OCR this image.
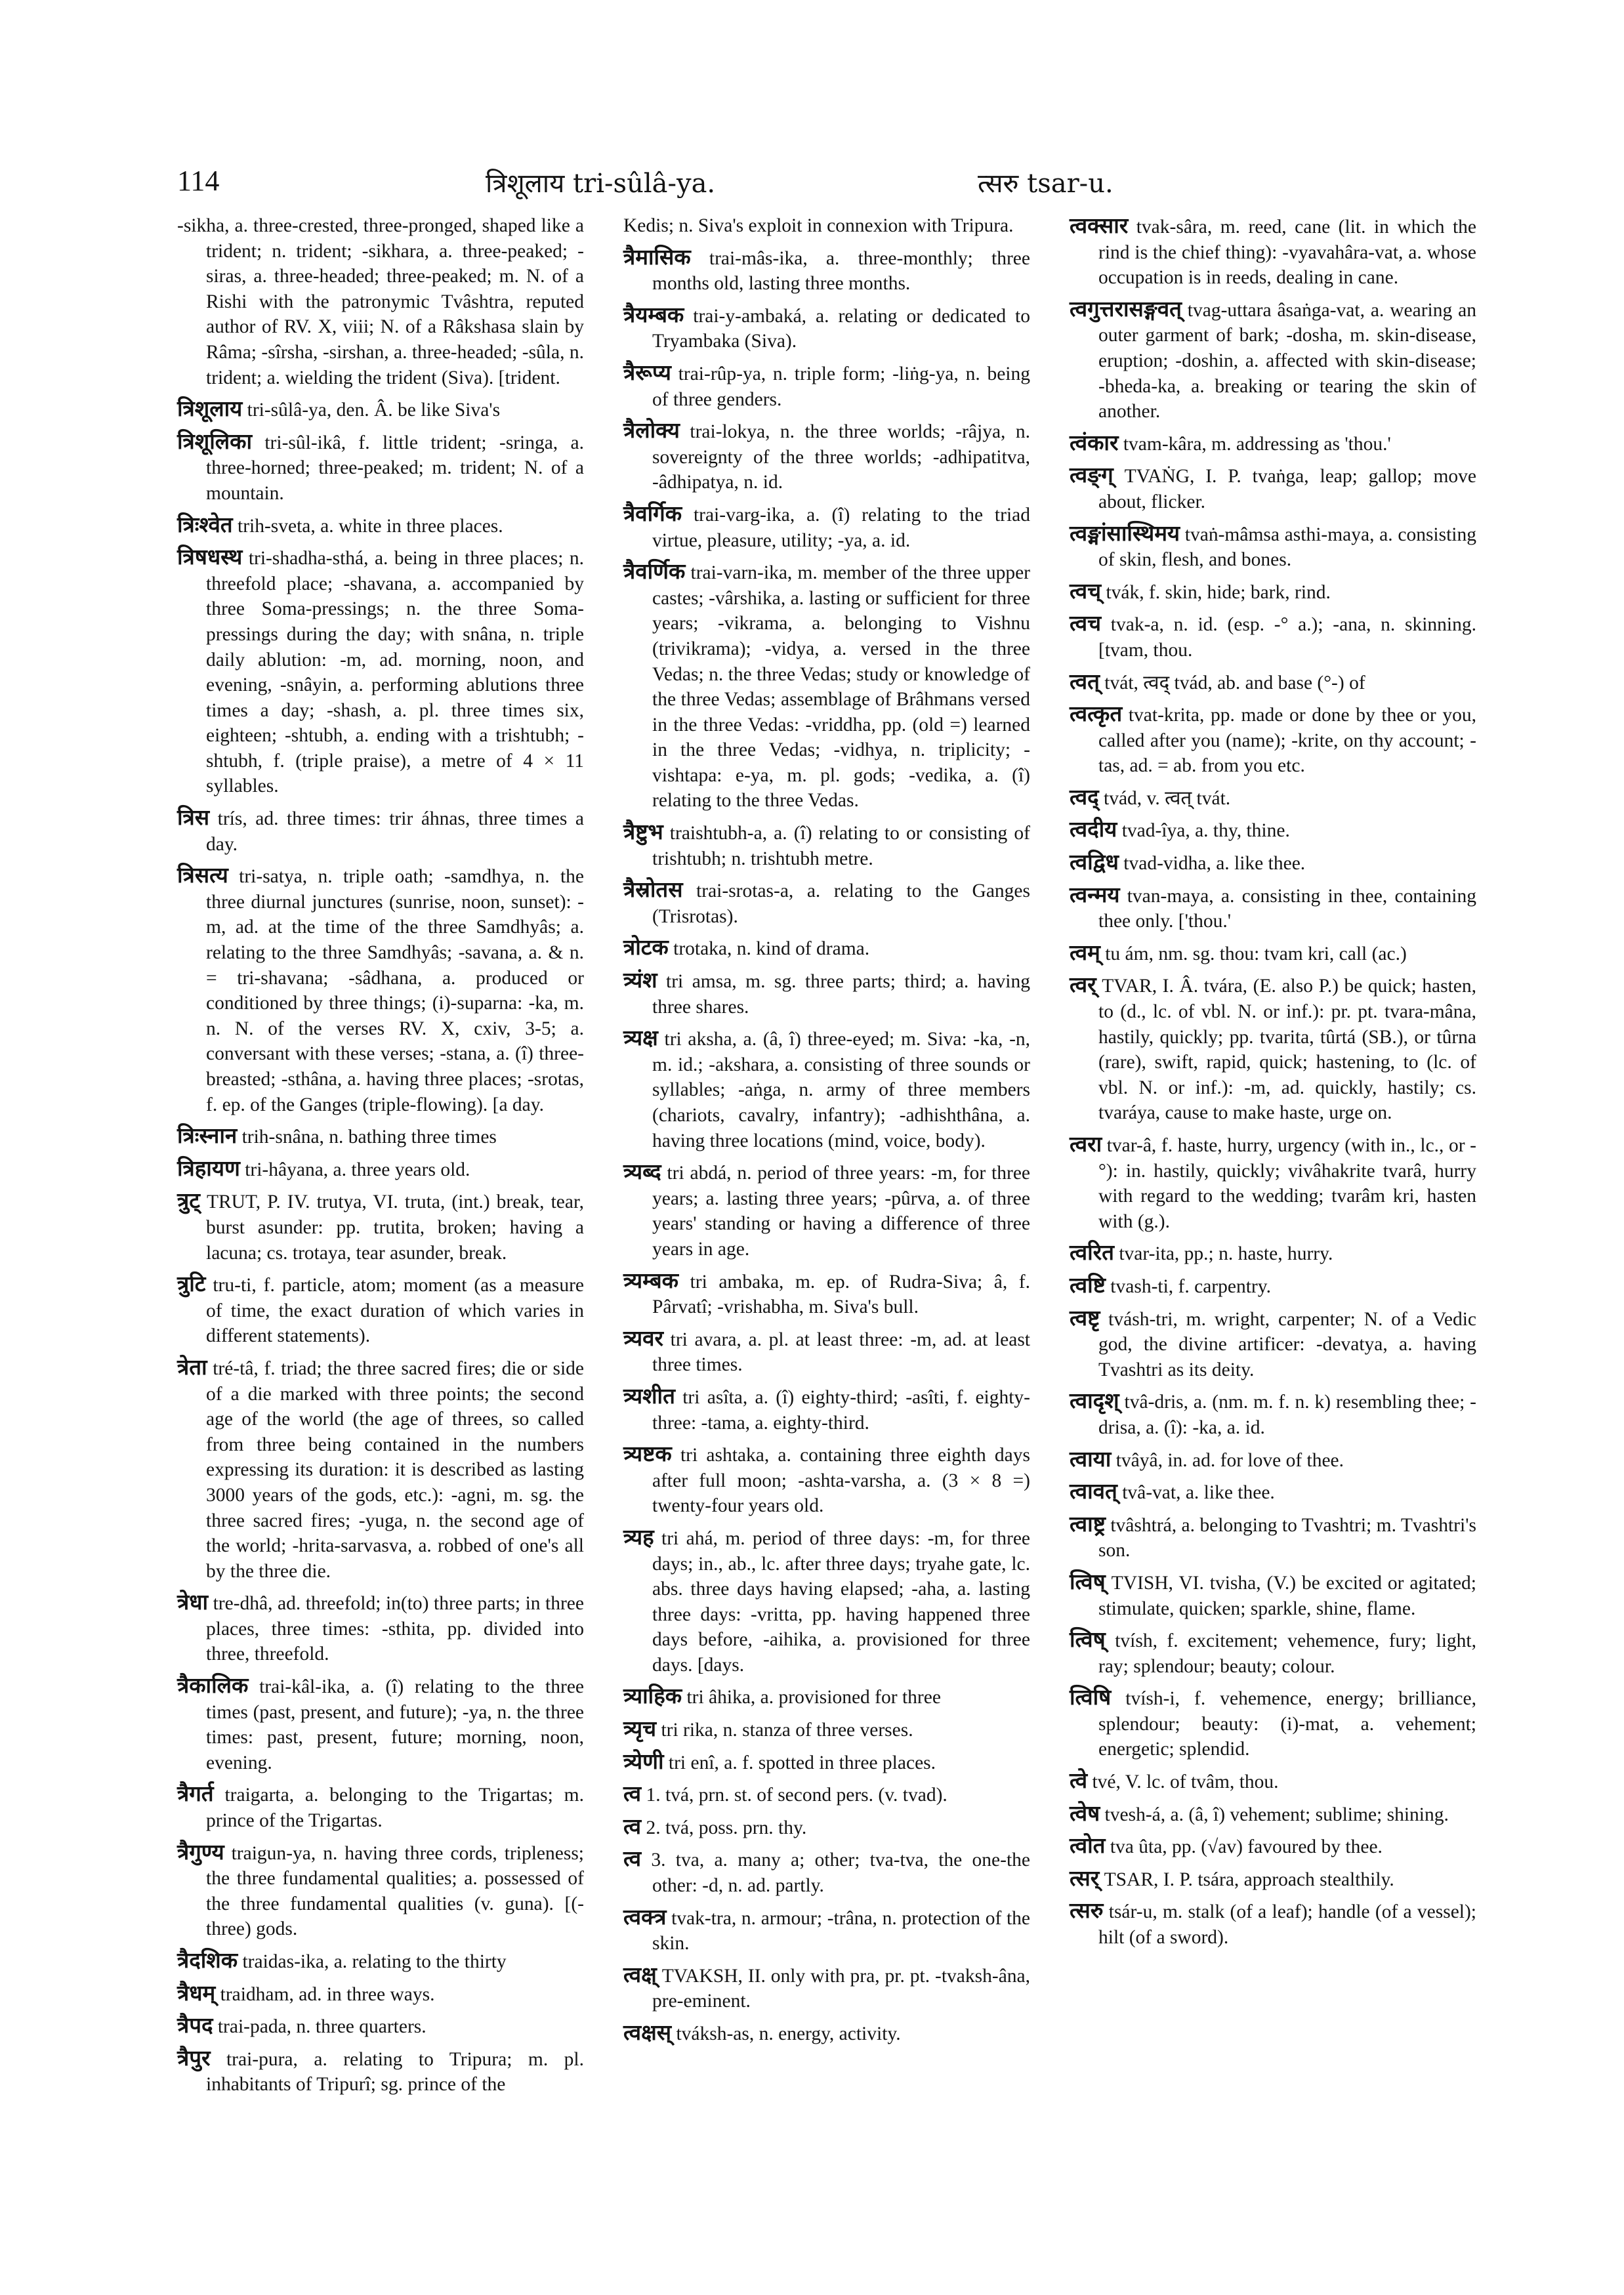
114	त्रिशूलाय tri-sûlâ-ya.	त्सरु tsar-u.

-sikha, a. three-crested, three-pronged, shaped like a trident; n. trident; -sikhara, a. three-peaked; -siras, a. three-headed; three-peaked; m. N. of a Rishi with the patronymic Tvâshtra, reputed author of RV. X, viii; N. of a Râkshasa slain by Râma; -sîrsha, -sirshan, a. three-headed; -sûla, n. trident; a. wielding the trident (Siva). [trident.

त्रिशूलाय tri-sûlâ-ya, den. Â. be like Siva's

त्रिशूलिका tri-sûl-ikâ, f. little trident; -sringa, a. three-horned; three-peaked; m. trident; N. of a mountain.

त्रिःश्वेत trih-sveta, a. white in three places.

त्रिषधस्थ tri-shadha-sthá, a. being in three places; n. threefold place; -shavana, a. accompanied by three Soma-pressings; n. the three Soma-pressings during the day; with snâna, n. triple daily ablution: -m, ad. morning, noon, and evening, -snâyin, a. performing ablutions three times a day; -shash, a. pl. three times six, eighteen; -shtubh, a. ending with a trishtubh; -shtubh, f. (triple praise), a metre of 4 × 11 syllables.

त्रिस trís, ad. three times: trir áhnas, three times a day.

त्रिसत्य tri-satya, n. triple oath; -samdhya, n. the three diurnal junctures (sunrise, noon, sunset): -m, ad. at the time of the three Samdhyâs; a. relating to the three Samdhyâs; -savana, a. & n. = tri-shavana; -sâdhana, a. produced or conditioned by three things; (i)-suparna: -ka, m. n. N. of the verses RV. X, cxiv, 3-5; a. conversant with these verses; -stana, a. (î) three-breasted; -sthâna, a. having three places; -srotas, f. ep. of the Ganges (triple-flowing). [a day.

त्रिःस्नान trih-snâna, n. bathing three times

त्रिहायण tri-hâyana, a. three years old.

त्रुट् TRUT, P. IV. trutya, VI. truta, (int.) break, tear, burst asunder: pp. trutita, broken; having a lacuna; cs. trotaya, tear asunder, break.

त्रुटि tru-ti, f. particle, atom; moment (as a measure of time, the exact duration of which varies in different statements).

त्रेता tré-tâ, f. triad; the three sacred fires; die or side of a die marked with three points; the second age of the world (the age of threes, so called from three being contained in the numbers expressing its duration: it is described as lasting 3000 years of the gods, etc.): -agni, m. sg. the three sacred fires; -yuga, n. the second age of the world; -hrita-sarvasva, a. robbed of one's all by the three die.

त्रेधा tre-dhâ, ad. threefold; in(to) three parts; in three places, three times: -sthita, pp. divided into three, threefold.

त्रैकालिक trai-kâl-ika, a. (î) relating to the three times (past, present, and future); -ya, n. the three times: past, present, future; morning, noon, evening.

त्रैगर्त traigarta, a. belonging to the Trigartas; m. prince of the Trigartas.

त्रैगुण्य traigun-ya, n. having three cords, tripleness; the three fundamental qualities; a. possessed of the three fundamental qualities (v. guna). [(-three) gods.

त्रैदशिक traidas-ika, a. relating to the thirty

त्रैधम् traidham, ad. in three ways.

त्रैपद trai-pada, n. three quarters.

त्रैपुर trai-pura, a. relating to Tripura; m. pl. inhabitants of Tripurî; sg. prince of the

Kedis; n. Siva's exploit in connexion with Tripura.

त्रैमासिक trai-mâs-ika, a. three-monthly; three months old, lasting three months.

त्रैयम्बक trai-y-ambaká, a. relating or dedicated to Tryambaka (Siva).

त्रैरूप्य trai-rûp-ya, n. triple form; -liṅg-ya, n. being of three genders.

त्रैलोक्य trai-lokya, n. the three worlds; -râjya, n. sovereignty of the three worlds; -adhipatitva, -âdhipatya, n. id.

त्रैवर्गिक trai-varg-ika, a. (î) relating to the triad virtue, pleasure, utility; -ya, a. id.

त्रैवर्णिक trai-varn-ika, m. member of the three upper castes; -vârshika, a. lasting or sufficient for three years; -vikrama, a. belonging to Vishnu (trivikrama); -vidya, a. versed in the three Vedas; n. the three Vedas; study or knowledge of the three Vedas; assemblage of Brâhmans versed in the three Vedas: -vriddha, pp. (old =) learned in the three Vedas; -vidhya, n. triplicity; -vishtapa: e-ya, m. pl. gods; -vedika, a. (î) relating to the three Vedas.

त्रैष्टुभ traishtubh-a, a. (î) relating to or consisting of trishtubh; n. trishtubh metre.

त्रैस्रोतस trai-srotas-a, a. relating to the Ganges (Trisrotas).

त्रोटक trotaka, n. kind of drama.

त्र्यंश tri amsa, m. sg. three parts; third; a. having three shares.

त्र्यक्ष tri aksha, a. (â, î) three-eyed; m. Siva: -ka, -n, m. id.; -akshara, a. consisting of three sounds or syllables; -aṅga, n. army of three members (chariots, cavalry, infantry); -adhishthâna, a. having three locations (mind, voice, body).

त्र्यब्द tri abdá, n. period of three years: -m, for three years; a. lasting three years; -pûrva, a. of three years' standing or having a difference of three years in age.

त्र्यम्बक tri ambaka, m. ep. of Rudra-Siva; â, f. Pârvatî; -vrishabha, m. Siva's bull.

त्र्यवर tri avara, a. pl. at least three: -m, ad. at least three times.

त्र्यशीत tri asîta, a. (î) eighty-third; -asîti, f. eighty-three: -tama, a. eighty-third.

त्र्यष्टक tri ashtaka, a. containing three eighth days after full moon; -ashta-varsha, a. (3 × 8 =) twenty-four years old.

त्र्यह tri ahá, m. period of three days: -m, for three days; in., ab., lc. after three days; tryahe gate, lc. abs. three days having elapsed; -aha, a. lasting three days: -vritta, pp. having happened three days before, -aihika, a. provisioned for three days. [days.

त्र्याहिक tri âhika, a. provisioned for three

त्र्यृच tri rika, n. stanza of three verses.

त्र्येणी tri enî, a. f. spotted in three places.

त्व 1. tvá, prn. st. of second pers. (v. tvad).

त्व 2. tvá, poss. prn. thy.

त्व 3. tva, a. many a; other; tva-tva, the one-the other: -d, n. ad. partly.

त्वक्त्र tvak-tra, n. armour; -trâna, n. protection of the skin.

त्वक्ष् TVAKSH, II. only with pra, pr. pt. -tvaksh-âna, pre-eminent.

त्वक्षस् tváksh-as, n. energy, activity.

त्वक्सार tvak-sâra, m. reed, cane (lit. in which the rind is the chief thing): -vyavahâra-vat, a. whose occupation is in reeds, dealing in cane.

त्वगुत्तरासङ्गवत् tvag-uttara âsaṅga-vat, a. wearing an outer garment of bark; -dosha, m. skin-disease, eruption; -doshin, a. affected with skin-disease; -bheda-ka, a. breaking or tearing the skin of another.

त्वंकार tvam-kâra, m. addressing as 'thou.'

त्वङ्ग् TVAṄG, I. P. tvaṅga, leap; gallop; move about, flicker.

त्वङ्मांसास्थिमय tvaṅ-mâmsa asthi-maya, a. consisting of skin, flesh, and bones.

त्वच् tvák, f. skin, hide; bark, rind.

त्वच tvak-a, n. id. (esp. -° a.); -ana, n. skinning. [tvam, thou.

त्वत् tvát, त्वद् tvád, ab. and base (°-) of

त्वत्कृत tvat-krita, pp. made or done by thee or you, called after you (name); -krite, on thy account; -tas, ad. = ab. from you etc.

त्वद् tvád, v. त्वत् tvát.

त्वदीय tvad-îya, a. thy, thine.

त्वद्विध tvad-vidha, a. like thee.

त्वन्मय tvan-maya, a. consisting in thee, containing thee only. ['thou.'

त्वम् tu ám, nm. sg. thou: tvam kri, call (ac.)

त्वर् TVAR, I. Â. tvára, (E. also P.) be quick; hasten, to (d., lc. of vbl. N. or inf.): pr. pt. tvara-mâna, hastily, quickly; pp. tvarita, tûrtá (SB.), or tûrna (rare), swift, rapid, quick; hastening, to (lc. of vbl. N. or inf.): -m, ad. quickly, hastily; cs. tvaráya, cause to make haste, urge on.

त्वरा tvar-â, f. haste, hurry, urgency (with in., lc., or -°): in. hastily, quickly; vivâhakrite tvarâ, hurry with regard to the wedding; tvarâm kri, hasten with (g.).

त्वरित tvar-ita, pp.; n. haste, hurry.

त्वष्टि tvash-ti, f. carpentry.

त्वष्टृ tvásh-tri, m. wright, carpenter; N. of a Vedic god, the divine artificer: -devatya, a. having Tvashtri as its deity.

त्वादृश् tvâ-dris, a. (nm. m. f. n. k) resembling thee; -drisa, a. (î): -ka, a. id.

त्वाया tvâyâ, in. ad. for love of thee.

त्वावत् tvâ-vat, a. like thee.

त्वाष्ट्र tvâshtrá, a. belonging to Tvashtri; m. Tvashtri's son.

त्विष् TVISH, VI. tvisha, (V.) be excited or agitated; stimulate, quicken; sparkle, shine, flame.

त्विष् tvísh, f. excitement; vehemence, fury; light, ray; splendour; beauty; colour.

त्विषि tvísh-i, f. vehemence, energy; brilliance, splendour; beauty: (i)-mat, a. vehement; energetic; splendid.

त्वे tvé, V. lc. of tvâm, thou.

त्वेष tvesh-á, a. (â, î) vehement; sublime; shining.

त्वोत tva ûta, pp. (√av) favoured by thee.

त्सर् TSAR, I. P. tsára, approach stealthily.

त्सरु tsár-u, m. stalk (of a leaf); handle (of a vessel); hilt (of a sword).
